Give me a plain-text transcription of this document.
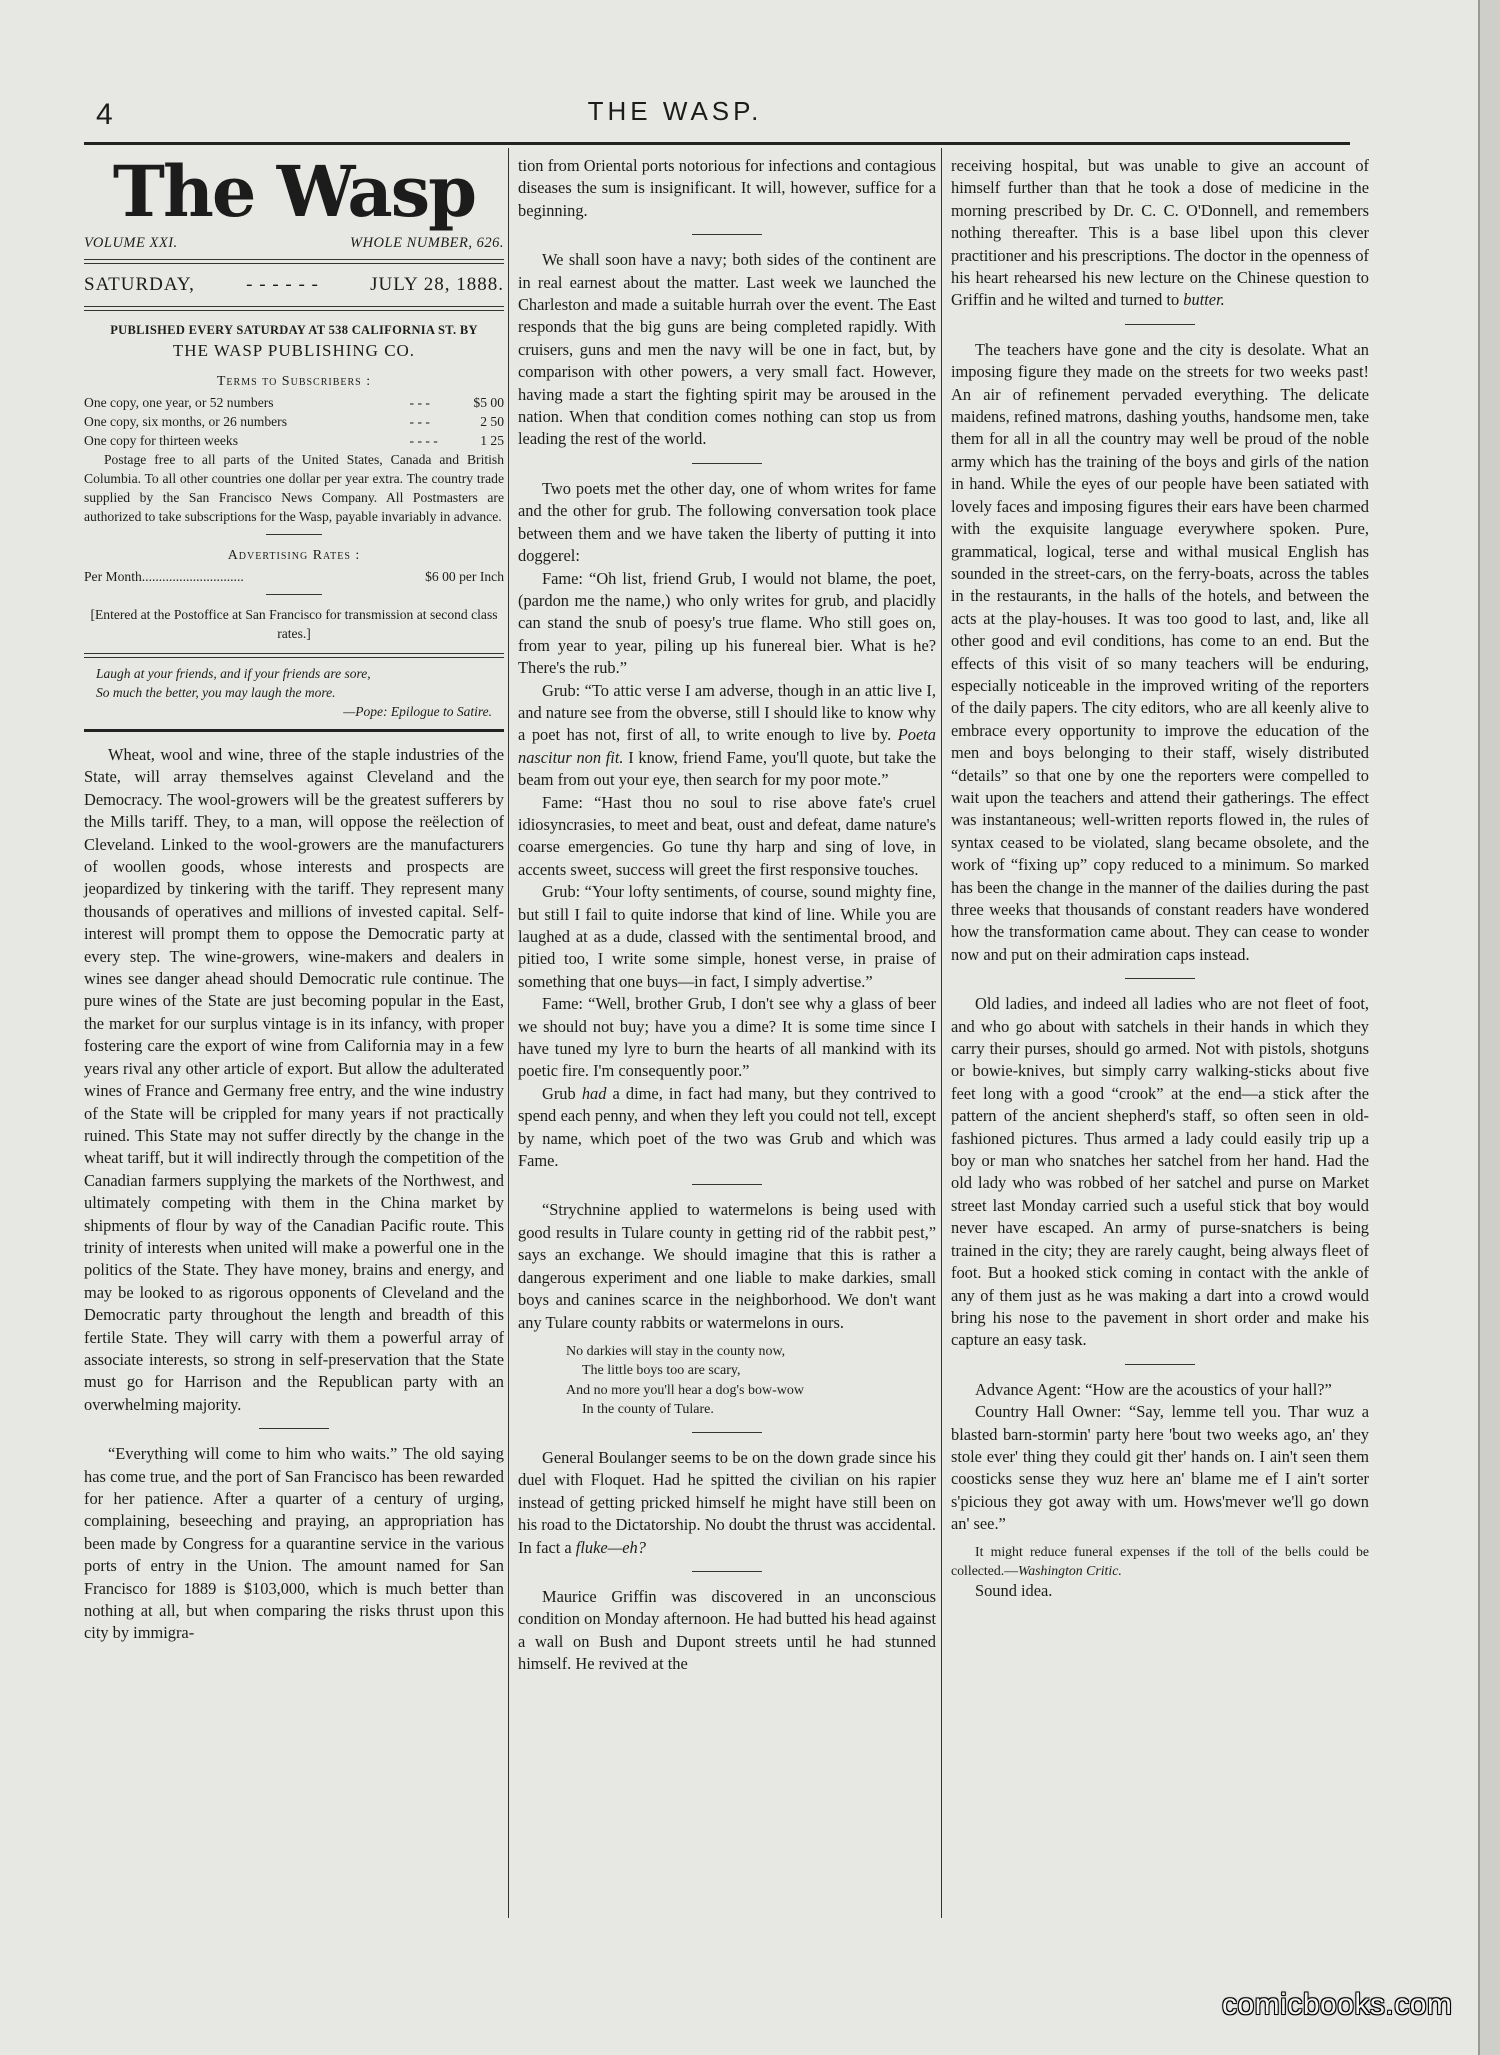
4	THE WASP.
The Wasp
VOLUME XXI.	WHOLE NUMBER, 626.
SATURDAY,	- - - - - -	JULY 28, 1888.
PUBLISHED EVERY SATURDAY AT 538 CALIFORNIA ST. BY
THE WASP PUBLISHING CO.
Terms to Subscribers :
One copy, one year, or 52 numbers	- - -	$5 00
One copy, six months, or 26 numbers	- - -	2 50
One copy for thirteen weeks	- - - -	1 25

Postage free to all parts of the United States, Canada and British Columbia. To all other countries one dollar per year extra. The country trade supplied by the San Francisco News Company. All Postmasters are authorized to take subscriptions for the Wasp, payable invariably in advance.

Advertising Rates :
Per Month ..............................	$6 00 per Inch

[Entered at the Postoffice at San Francisco for transmission at second class rates.]

Laugh at your friends, and if your friends are sore,
So much the better, you may laugh the more.
—Pope: Epilogue to Satire.

Wheat, wool and wine, three of the staple industries of the State, will array themselves against Cleveland and the Democracy. The wool-growers will be the greatest sufferers by the Mills tariff. They, to a man, will oppose the reëlection of Cleveland. Linked to the wool-growers are the manufacturers of woollen goods, whose interests and prospects are jeopardized by tinkering with the tariff. They represent many thousands of operatives and millions of invested capital. Self-interest will prompt them to oppose the Democratic party at every step. The wine-growers, wine-makers and dealers in wines see danger ahead should Democratic rule continue. The pure wines of the State are just becoming popular in the East, the market for our surplus vintage is in its infancy, with proper fostering care the export of wine from California may in a few years rival any other article of export. But allow the adulterated wines of France and Germany free entry, and the wine industry of the State will be crippled for many years if not practically ruined. This State may not suffer directly by the change in the wheat tariff, but it will indirectly through the competition of the Canadian farmers supplying the markets of the Northwest, and ultimately competing with them in the China market by shipments of flour by way of the Canadian Pacific route. This trinity of interests when united will make a powerful one in the politics of the State. They have money, brains and energy, and may be looked to as rigorous opponents of Cleveland and the Democratic party throughout the length and breadth of this fertile State. They will carry with them a powerful array of associate interests, so strong in self-preservation that the State must go for Harrison and the Republican party with an overwhelming majority.

“Everything will come to him who waits.” The old saying has come true, and the port of San Francisco has been rewarded for her patience. After a quarter of a century of urging, complaining, beseeching and praying, an appropriation has been made by Congress for a quarantine service in the various ports of entry in the Union. The amount named for San Francisco for 1889 is $103,000, which is much better than nothing at all, but when comparing the risks thrust upon this city by immigra-

tion from Oriental ports notorious for infections and contagious diseases the sum is insignificant. It will, however, suffice for a beginning.

We shall soon have a navy; both sides of the continent are in real earnest about the matter. Last week we launched the Charleston and made a suitable hurrah over the event. The East responds that the big guns are being completed rapidly. With cruisers, guns and men the navy will be one in fact, but, by comparison with other powers, a very small fact. However, having made a start the fighting spirit may be aroused in the nation. When that condition comes nothing can stop us from leading the rest of the world.

Two poets met the other day, one of whom writes for fame and the other for grub. The following conversation took place between them and we have taken the liberty of putting it into doggerel:

Fame: “Oh list, friend Grub, I would not blame, the poet, (pardon me the name,) who only writes for grub, and placidly can stand the snub of poesy's true flame. Who still goes on, from year to year, piling up his funereal bier. What is he? There's the rub.”

Grub: “To attic verse I am adverse, though in an attic live I, and nature see from the obverse, still I should like to know why a poet has not, first of all, to write enough to live by. Poeta nascitur non fit. I know, friend Fame, you'll quote, but take the beam from out your eye, then search for my poor mote.”

Fame: “Hast thou no soul to rise above fate's cruel idiosyncrasies, to meet and beat, oust and defeat, dame nature's coarse emergencies. Go tune thy harp and sing of love, in accents sweet, success will greet the first responsive touches.

Grub: “Your lofty sentiments, of course, sound mighty fine, but still I fail to quite indorse that kind of line. While you are laughed at as a dude, classed with the sentimental brood, and pitied too, I write some simple, honest verse, in praise of something that one buys—in fact, I simply advertise.”

Fame: “Well, brother Grub, I don't see why a glass of beer we should not buy; have you a dime? It is some time since I have tuned my lyre to burn the hearts of all mankind with its poetic fire. I'm consequently poor.”

Grub had a dime, in fact had many, but they contrived to spend each penny, and when they left you could not tell, except by name, which poet of the two was Grub and which was Fame.

“Strychnine applied to watermelons is being used with good results in Tulare county in getting rid of the rabbit pest,” says an exchange. We should imagine that this is rather a dangerous experiment and one liable to make darkies, small boys and canines scarce in the neighborhood. We don't want any Tulare county rabbits or watermelons in ours.

No darkies will stay in the county now,
The little boys too are scary,
And no more you'll hear a dog's bow-wow
In the county of Tulare.

General Boulanger seems to be on the down grade since his duel with Floquet. Had he spitted the civilian on his rapier instead of getting pricked himself he might have still been on his road to the Dictatorship. No doubt the thrust was accidental. In fact a fluke—eh?

Maurice Griffin was discovered in an unconscious condition on Monday afternoon. He had butted his head against a wall on Bush and Dupont streets until he had stunned himself. He revived at the

receiving hospital, but was unable to give an account of himself further than that he took a dose of medicine in the morning prescribed by Dr. C. C. O'Donnell, and remembers nothing thereafter. This is a base libel upon this clever practitioner and his prescriptions. The doctor in the openness of his heart rehearsed his new lecture on the Chinese question to Griffin and he wilted and turned to butter.

The teachers have gone and the city is desolate. What an imposing figure they made on the streets for two weeks past! An air of refinement pervaded everything. The delicate maidens, refined matrons, dashing youths, handsome men, take them for all in all the country may well be proud of the noble army which has the training of the boys and girls of the nation in hand. While the eyes of our people have been satiated with lovely faces and imposing figures their ears have been charmed with the exquisite language everywhere spoken. Pure, grammatical, logical, terse and withal musical English has sounded in the street-cars, on the ferry-boats, across the tables in the restaurants, in the halls of the hotels, and between the acts at the play-houses. It was too good to last, and, like all other good and evil conditions, has come to an end. But the effects of this visit of so many teachers will be enduring, especially noticeable in the improved writing of the reporters of the daily papers. The city editors, who are all keenly alive to embrace every opportunity to improve the education of the men and boys belonging to their staff, wisely distributed “details” so that one by one the reporters were compelled to wait upon the teachers and attend their gatherings. The effect was instantaneous; well-written reports flowed in, the rules of syntax ceased to be violated, slang became obsolete, and the work of “fixing up” copy reduced to a minimum. So marked has been the change in the manner of the dailies during the past three weeks that thousands of constant readers have wondered how the transformation came about. They can cease to wonder now and put on their admiration caps instead.

Old ladies, and indeed all ladies who are not fleet of foot, and who go about with satchels in their hands in which they carry their purses, should go armed. Not with pistols, shotguns or bowie-knives, but simply carry walking-sticks about five feet long with a good “crook” at the end—a stick after the pattern of the ancient shepherd's staff, so often seen in old-fashioned pictures. Thus armed a lady could easily trip up a boy or man who snatches her satchel from her hand. Had the old lady who was robbed of her satchel and purse on Market street last Monday carried such a useful stick that boy would never have escaped. An army of purse-snatchers is being trained in the city; they are rarely caught, being always fleet of foot. But a hooked stick coming in contact with the ankle of any of them just as he was making a dart into a crowd would bring his nose to the pavement in short order and make his capture an easy task.

Advance Agent: “How are the acoustics of your hall?”

Country Hall Owner: “Say, lemme tell you. Thar wuz a blasted barn-stormin' party here 'bout two weeks ago, an' they stole ever' thing they could git ther' hands on. I ain't seen them coosticks sense they wuz here an' blame me ef I ain't sorter s'picious they got away with um. Hows'mever we'll go down an' see.”

It might reduce funeral expenses if the toll of the bells could be collected.—Washington Critic.

Sound idea.

comicbooks.com
